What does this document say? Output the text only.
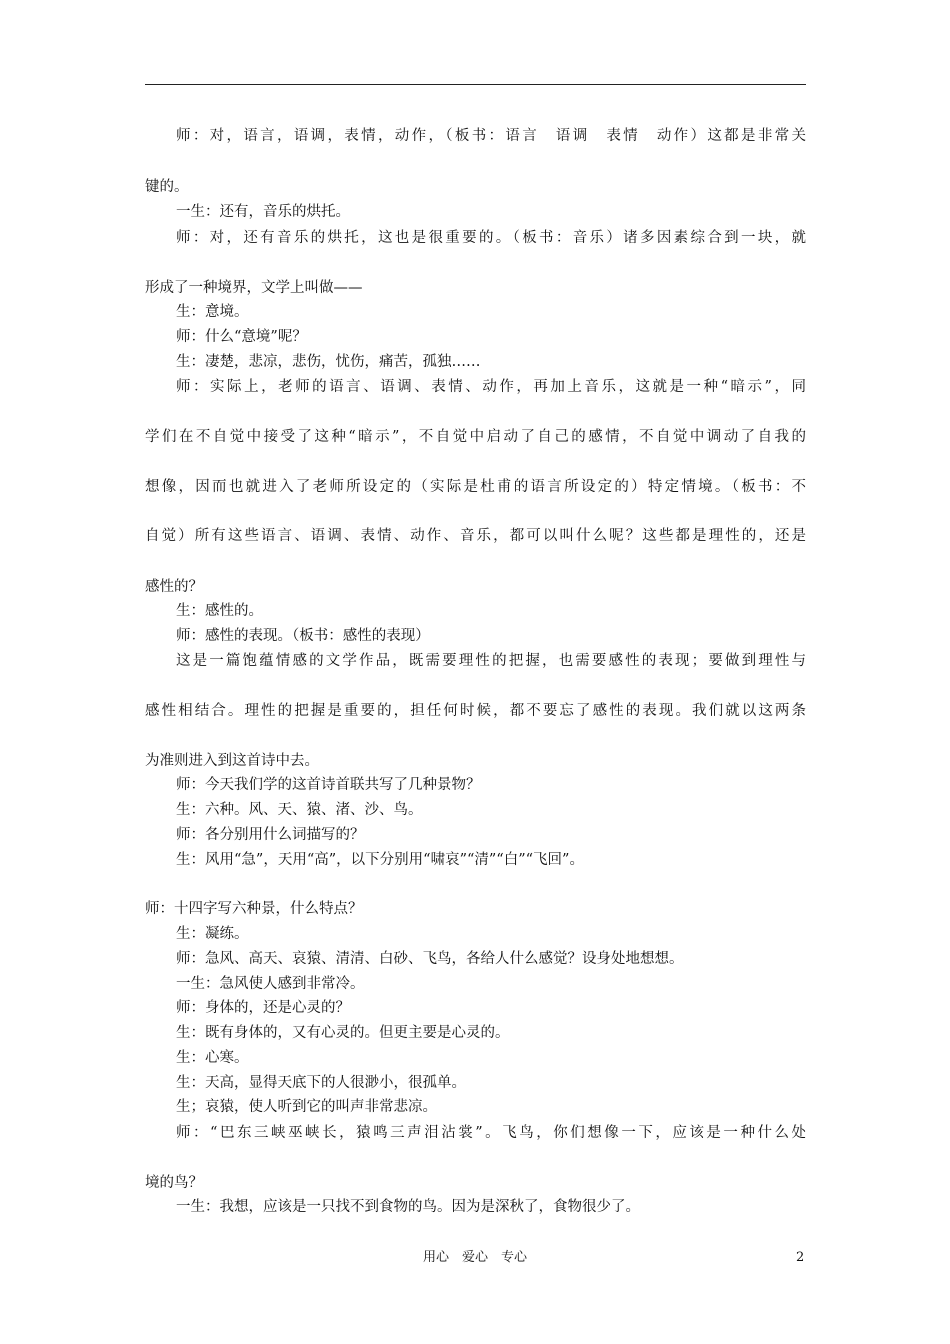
师：对，语言，语调，表情，动作，（板书：语言　语调　表情　动作）这都是非常关
键的。
一生：还有，音乐的烘托。
师：对，还有音乐的烘托，这也是很重要的。（板书：音乐）诸多因素综合到一块，就
形成了一种境界，文学上叫做——
生：意境。
师：什么“意境”呢？
生：凄楚，悲凉，悲伤，忧伤，痛苦，孤独……
师：实际上，老师的语言、语调、表情、动作，再加上音乐，这就是一种“暗示”，同
学们在不自觉中接受了这种“暗示”，不自觉中启动了自己的感情，不自觉中调动了自我的
想像，因而也就进入了老师所设定的（实际是杜甫的语言所设定的）特定情境。（板书：不
自觉）所有这些语言、语调、表情、动作、音乐，都可以叫什么呢？这些都是理性的，还是
感性的？
生：感性的。
师：感性的表现。（板书：感性的表现）
这是一篇饱蕴情感的文学作品，既需要理性的把握，也需要感性的表现；要做到理性与
感性相结合。理性的把握是重要的，担任何时候，都不要忘了感性的表现。我们就以这两条
为准则进入到这首诗中去。
师：今天我们学的这首诗首联共写了几种景物？
生：六种。风、天、猿、渚、沙、鸟。
师：各分别用什么词描写的？
生：风用“急”，天用“高”，以下分别用“啸哀”“清”“白”“飞回”。
师：十四字写六种景，什么特点？
生：凝练。
师：急风、高天、哀猿、清清、白砂、飞鸟，各给人什么感觉？设身处地想想。
一生：急风使人感到非常冷。
师：身体的，还是心灵的？
生：既有身体的，又有心灵的。但更主要是心灵的。
生：心寒。
生：天高，显得天底下的人很渺小，很孤单。
生；哀猿，使人听到它的叫声非常悲凉。
师：“巴东三峡巫峡长，猿鸣三声泪沾裳”。飞鸟，你们想像一下，应该是一种什么处
境的鸟？
一生：我想，应该是一只找不到食物的鸟。因为是深秋了，食物很少了。
用心　爱心　专心	2
